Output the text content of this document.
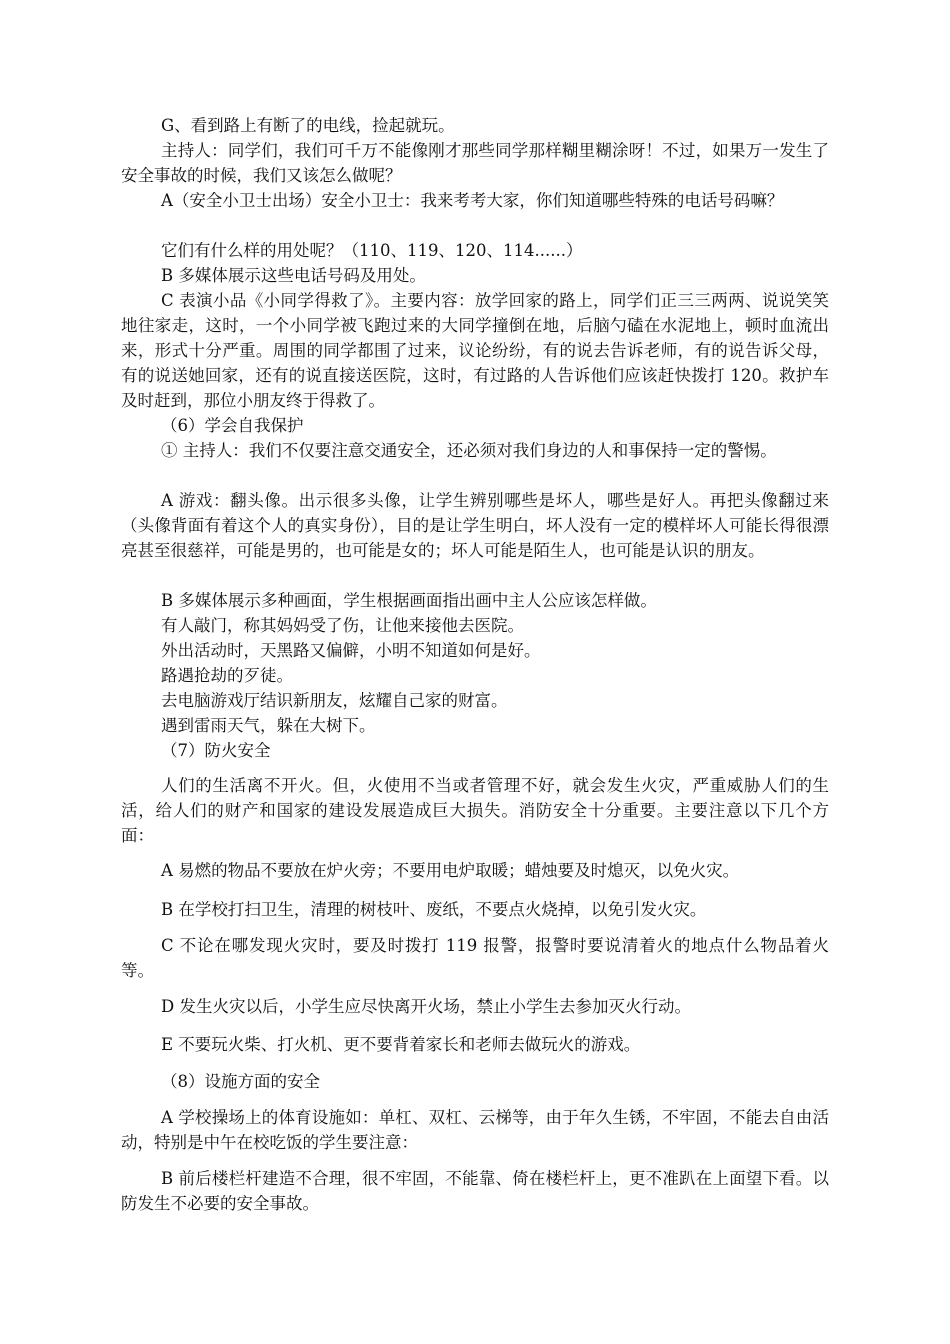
G、看到路上有断了的电线，捡起就玩。

主持人：同学们，我们可千万不能像刚才那些同学那样糊里糊涂呀！不过，如果万一发生了安全事故的时候，我们又该怎么做呢？

A（安全小卫士出场）安全小卫士：我来考考大家，你们知道哪些特殊的电话号码嘛？

它们有什么样的用处呢？（110、119、120、114......）

B 多媒体展示这些电话号码及用处。

C 表演小品《小同学得救了》。主要内容：放学回家的路上，同学们正三三两两、说说笑笑地往家走，这时，一个小同学被飞跑过来的大同学撞倒在地，后脑勺磕在水泥地上，顿时血流出来，形式十分严重。周围的同学都围了过来，议论纷纷，有的说去告诉老师，有的说告诉父母，有的说送她回家，还有的说直接送医院，这时，有过路的人告诉他们应该赶快拨打 120。救护车及时赶到，那位小朋友终于得救了。

（6）学会自我保护

① 主持人：我们不仅要注意交通安全，还必须对我们身边的人和事保持一定的警惕。

A 游戏：翻头像。出示很多头像，让学生辨别哪些是坏人，哪些是好人。再把头像翻过来（头像背面有着这个人的真实身份），目的是让学生明白，坏人没有一定的模样坏人可能长得很漂亮甚至很慈祥，可能是男的，也可能是女的；坏人可能是陌生人，也可能是认识的朋友。

B 多媒体展示多种画面，学生根据画面指出画中主人公应该怎样做。

有人敲门，称其妈妈受了伤，让他来接他去医院。

外出活动时，天黑路又偏僻，小明不知道如何是好。

路遇抢劫的歹徒。

去电脑游戏厅结识新朋友，炫耀自己家的财富。

遇到雷雨天气，躲在大树下。

（7）防火安全

人们的生活离不开火。但，火使用不当或者管理不好，就会发生火灾，严重威胁人们的生活，给人们的财产和国家的建设发展造成巨大损失。消防安全十分重要。主要注意以下几个方面：

A 易燃的物品不要放在炉火旁；不要用电炉取暖；蜡烛要及时熄灭，以免火灾。

B 在学校打扫卫生，清理的树枝叶、废纸，不要点火烧掉，以免引发火灾。

C 不论在哪发现火灾时，要及时拨打 119 报警，报警时要说清着火的地点什么物品着火等。

D 发生火灾以后，小学生应尽快离开火场，禁止小学生去参加灭火行动。

E 不要玩火柴、打火机、更不要背着家长和老师去做玩火的游戏。

（8）设施方面的安全

A 学校操场上的体育设施如：单杠、双杠、云梯等，由于年久生锈，不牢固，不能去自由活动，特别是中午在校吃饭的学生要注意：

B 前后楼栏杆建造不合理，很不牢固，不能靠、倚在楼栏杆上，更不准趴在上面望下看。以防发生不必要的安全事故。
